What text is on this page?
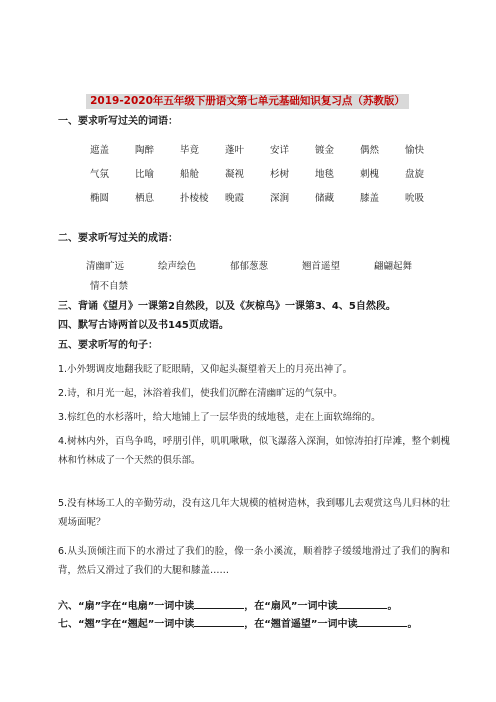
2019-2020年五年级下册语文第七单元基础知识复习点（苏教版）
一、要求听写过关的词语：
遮盖	陶醉	毕竟	蓬叶	安详	镀金	偶然	愉快
气氛	比喻	船舱	凝视	杉树	地毯	刺槐	盘旋
椭圆	栖息	扑棱棱	晚霞	深涧	储藏	膝盖	吮吸
二、要求听写过关的成语：
清幽旷远	绘声绘色	郁郁葱葱	翘首遥望	翩翩起舞
情不自禁
三、背诵《望月》一课第2自然段，以及《灰椋鸟》一课第3、4、5自然段。
四、默写古诗两首以及书145页成语。
五、要求听写的句子：
1.小外甥调皮地翻我眨了眨眼睛，又仰起头凝望着天上的月亮出神了。
2.诗，和月光一起，沐浴着我们，使我们沉醉在清幽旷远的气氛中。
3.棕红色的水杉落叶，给大地铺上了一层华贵的绒地毯，走在上面软绵绵的。
4.树林内外，百鸟争鸣，呼朋引伴，叽叽啾啾，似飞瀑落入深涧，如惊涛拍打岸滩，整个刺槐林和竹林成了一个天然的俱乐部。
5.没有林场工人的辛勤劳动，没有这几年大规模的植树造林，我到哪儿去观赏这鸟儿归林的壮观场面呢？
6.从头顶倾注而下的水滑过了我们的脸，像一条小溪流，顺着脖子缓缓地滑过了我们的胸和背，然后又滑过了我们的大腿和膝盖……
六、“扇”字在“电扇”一词中读	，在“扇风”一词中读	。
七、“翘”字在“翘起”一词中读	，在“翘首遥望”一词中读	。
